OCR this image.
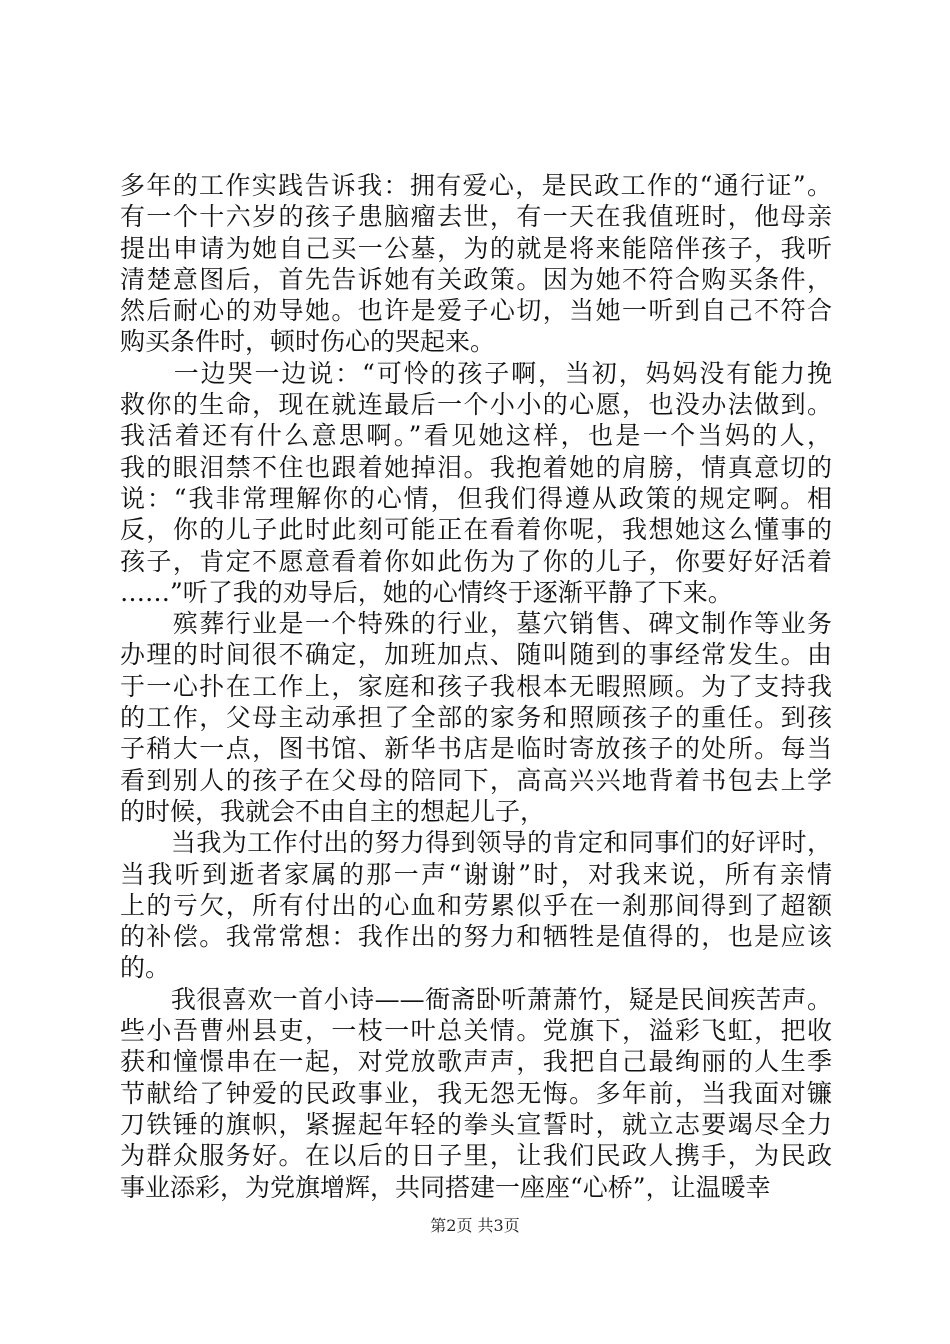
多年的工作实践告诉我：拥有爱心，是民政工作的“通行证”。
有一个十六岁的孩子患脑瘤去世，有一天在我值班时，他母亲
提出申请为她自己买一公墓，为的就是将来能陪伴孩子，我听
清楚意图后，首先告诉她有关政策。因为她不符合购买条件，
然后耐心的劝导她。也许是爱子心切，当她一听到自己不符合
购买条件时，顿时伤心的哭起来。
　　一边哭一边说：“可怜的孩子啊，当初，妈妈没有能力挽
救你的生命，现在就连最后一个小小的心愿，也没办法做到。
我活着还有什么意思啊。”看见她这样，也是一个当妈的人，
我的眼泪禁不住也跟着她掉泪。我抱着她的肩膀，情真意切的
说：“我非常理解你的心情，但我们得遵从政策的规定啊。相
反，你的儿子此时此刻可能正在看着你呢，我想她这么懂事的
孩子，肯定不愿意看着你如此伤为了你的儿子，你要好好活着
……”听了我的劝导后，她的心情终于逐渐平静了下来。
　　殡葬行业是一个特殊的行业，墓穴销售、碑文制作等业务
办理的时间很不确定，加班加点、随叫随到的事经常发生。由
于一心扑在工作上，家庭和孩子我根本无暇照顾。为了支持我
的工作，父母主动承担了全部的家务和照顾孩子的重任。到孩
子稍大一点，图书馆、新华书店是临时寄放孩子的处所。每当
看到别人的孩子在父母的陪同下，高高兴兴地背着书包去上学
的时候，我就会不由自主的想起儿子，
　　当我为工作付出的努力得到领导的肯定和同事们的好评时，
当我听到逝者家属的那一声“谢谢”时，对我来说，所有亲情
上的亏欠，所有付出的心血和劳累似乎在一刹那间得到了超额
的补偿。我常常想：我作出的努力和牺牲是值得的，也是应该
的。
　　我很喜欢一首小诗——衙斋卧听萧萧竹，疑是民间疾苦声。
些小吾曹州县吏，一枝一叶总关情。党旗下，溢彩飞虹，把收
获和憧憬串在一起，对党放歌声声，我把自己最绚丽的人生季
节献给了钟爱的民政事业，我无怨无悔。多年前，当我面对镰
刀铁锤的旗帜，紧握起年轻的拳头宣誓时，就立志要竭尽全力
为群众服务好。在以后的日子里，让我们民政人携手，为民政
事业添彩，为党旗增辉，共同搭建一座座“心桥”，让温暖幸
第2页 共3页
